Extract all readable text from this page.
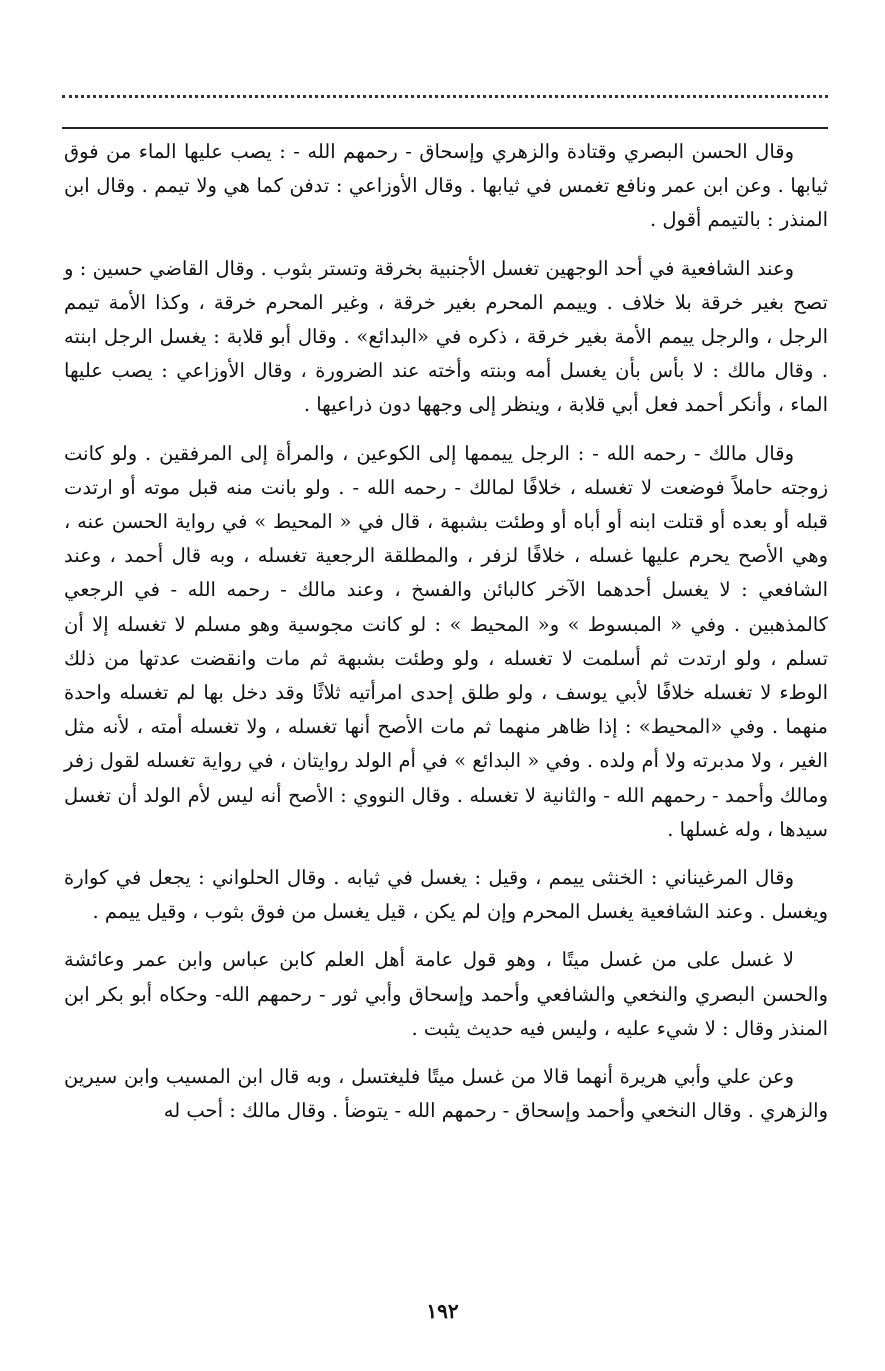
وقال الحسن البصري وقتادة والزهري وإسحاق - رحمهم الله - : يصب عليها الماء من فوق ثيابها . وعن ابن عمر ونافع تغمس في ثيابها . وقال الأوزاعي : تدفن كما هي ولا تيمم . وقال ابن المنذر : بالتيمم أقول .

وعند الشافعية في أحد الوجهين تغسل الأجنبية بخرقة وتستر بثوب . وقال القاضي حسين : و تصح بغير خرقة بلا خلاف . وييمم المحرم بغير خرقة ، وغير المحرم خرقة ، وكذا الأمة تيمم الرجل ، والرجل ييمم الأمة بغير خرقة ، ذكره في «البدائع» . وقال أبو قلابة : يغسل الرجل ابنته . وقال مالك : لا بأس بأن يغسل أمه وبنته وأخته عند الضرورة ، وقال الأوزاعي : يصب عليها الماء ، وأنكر أحمد فعل أبي قلابة ، وينظر إلى وجهها دون ذراعيها .

وقال مالك - رحمه الله - : الرجل ييممها إلى الكوعين ، والمرأة إلى المرفقين . ولو كانت زوجته حاملاً فوضعت لا تغسله ، خلافًا لمالك - رحمه الله - . ولو بانت منه قبل موته أو ارتدت قبله أو بعده أو قتلت ابنه أو أباه أو وطئت بشبهة ، قال في « المحيط » في رواية الحسن عنه ، وهي الأصح يحرم عليها غسله ، خلافًا لزفر ، والمطلقة الرجعية تغسله ، وبه قال أحمد ، وعند الشافعي : لا يغسل أحدهما الآخر كالبائن والفسخ ، وعند مالك - رحمه الله - في الرجعي كالمذهبين . وفي « المبسوط » و« المحيط » : لو كانت مجوسية وهو مسلم لا تغسله إلا أن تسلم ، ولو ارتدت ثم أسلمت لا تغسله ، ولو وطئت بشبهة ثم مات وانقضت عدتها من ذلك الوطء لا تغسله خلافًا لأبي يوسف ، ولو طلق إحدى امرأتيه ثلاثًا وقد دخل بها لم تغسله واحدة منهما . وفي «المحيط» : إذا ظاهر منهما ثم مات الأصح أنها تغسله ، ولا تغسله أمته ، لأنه مثل الغير ، ولا مدبرته ولا أم ولده . وفي « البدائع » في أم الولد روايتان ، في رواية تغسله لقول زفر ومالك وأحمد - رحمهم الله - والثانية لا تغسله . وقال النووي : الأصح أنه ليس لأم الولد أن تغسل سيدها ، وله غسلها .

وقال المرغيناني : الخنثى ييمم ، وقيل : يغسل في ثيابه . وقال الحلواني : يجعل في كوارة ويغسل . وعند الشافعية يغسل المحرم وإن لم يكن ، قيل يغسل من فوق بثوب ، وقيل ييمم .

لا غسل على من غسل ميتًا ، وهو قول عامة أهل العلم كابن عباس وابن عمر وعائشة والحسن البصري والنخعي والشافعي وأحمد وإسحاق وأبي ثور - رحمهم الله- وحكاه أبو بكر ابن المنذر وقال : لا شيء عليه ، وليس فيه حديث يثبت .

وعن علي وأبي هريرة أنهما قالا من غسل ميتًا فليغتسل ، وبه قال ابن المسيب وابن سيرين والزهري . وقال النخعي وأحمد وإسحاق - رحمهم الله - يتوضأ . وقال مالك : أحب له

١٩٢
